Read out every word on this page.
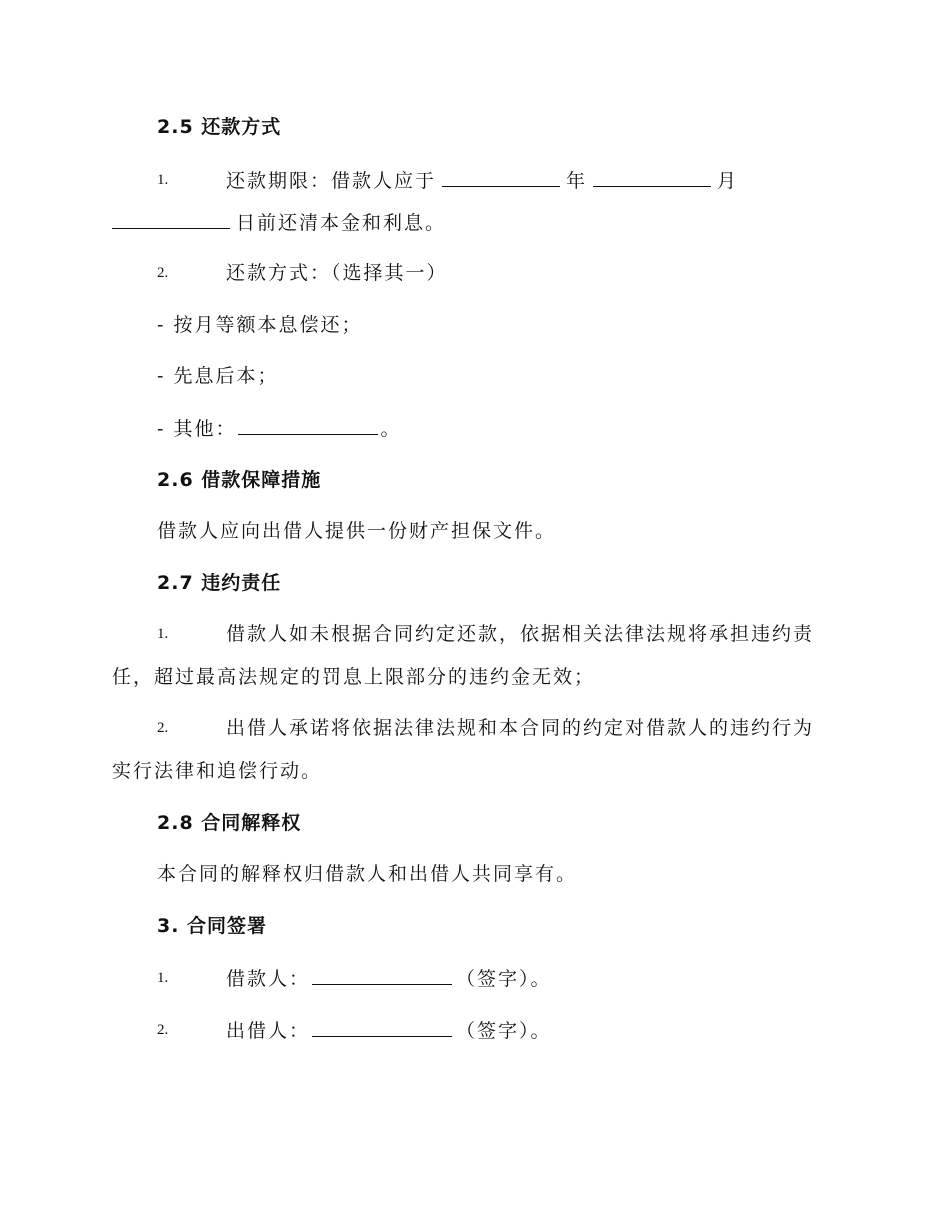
2.5 还款方式
1.	还款期限：借款人应于	年	月
日前还清本金和利息。
2.	还款方式：（选择其一）
- 按月等额本息偿还；
- 先息后本；
- 其他：	。
2.6 借款保障措施
借款人应向出借人提供一份财产担保文件。
2.7 违约责任
1.	借款人如未根据合同约定还款，依据相关法律法规将承担违约责
任，超过最高法规定的罚息上限部分的违约金无效；
2.	出借人承诺将依据法律法规和本合同的约定对借款人的违约行为
实行法律和追偿行动。
2.8 合同解释权
本合同的解释权归借款人和出借人共同享有。
3. 合同签署
1.	借款人：	（签字）。
2.	出借人：	（签字）。
